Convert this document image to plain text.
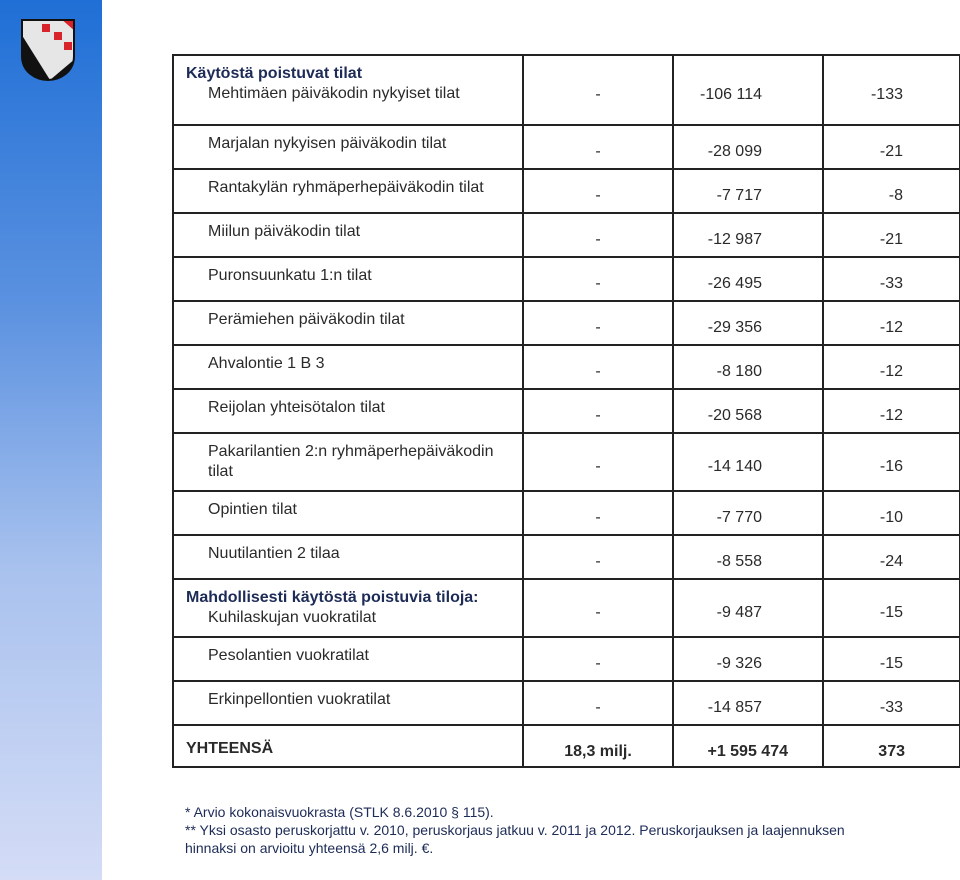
Käytöstä poistuvat tilat
Mehtimäen päiväkodin nykyiset tilat	-	-106 114	-133

Marjalan nykyisen päiväkodin tilat	-	-28 099	-21

Rantakylän ryhmäperhepäiväkodin tilat	-	-7 717	-8

Miilun päiväkodin tilat	-	-12 987	-21

Puronsuunkatu 1:n tilat	-	-26 495	-33

Perämiehen päiväkodin tilat	-	-29 356	-12

Ahvalontie 1 B 3	-	-8 180	-12

Reijolan yhteisötalon tilat	-	-20 568	-12

Pakarilantien 2:n ryhmäperhepäiväkodin tilat	-	-14 140	-16

Opintien tilat	-	-7 770	-10

Nuutilantien 2 tilaa	-	-8 558	-24

Mahdollisesti käytöstä poistuvia tiloja:
Kuhilaskujan vuokratilat	-	-9 487	-15

Pesolantien vuokratilat	-	-9 326	-15

Erkinpellontien vuokratilat	-	-14 857	-33
YHTEENSÄ	18,3 milj.	+1 595 474	373
* Arvio kokonaisvuokrasta (STLK 8.6.2010 § 115).
** Yksi osasto peruskorjattu v. 2010, peruskorjaus jatkuu v. 2011 ja 2012. Peruskorjauksen ja laajennuksen
hinnaksi on arvioitu yhteensä 2,6 milj. €.
